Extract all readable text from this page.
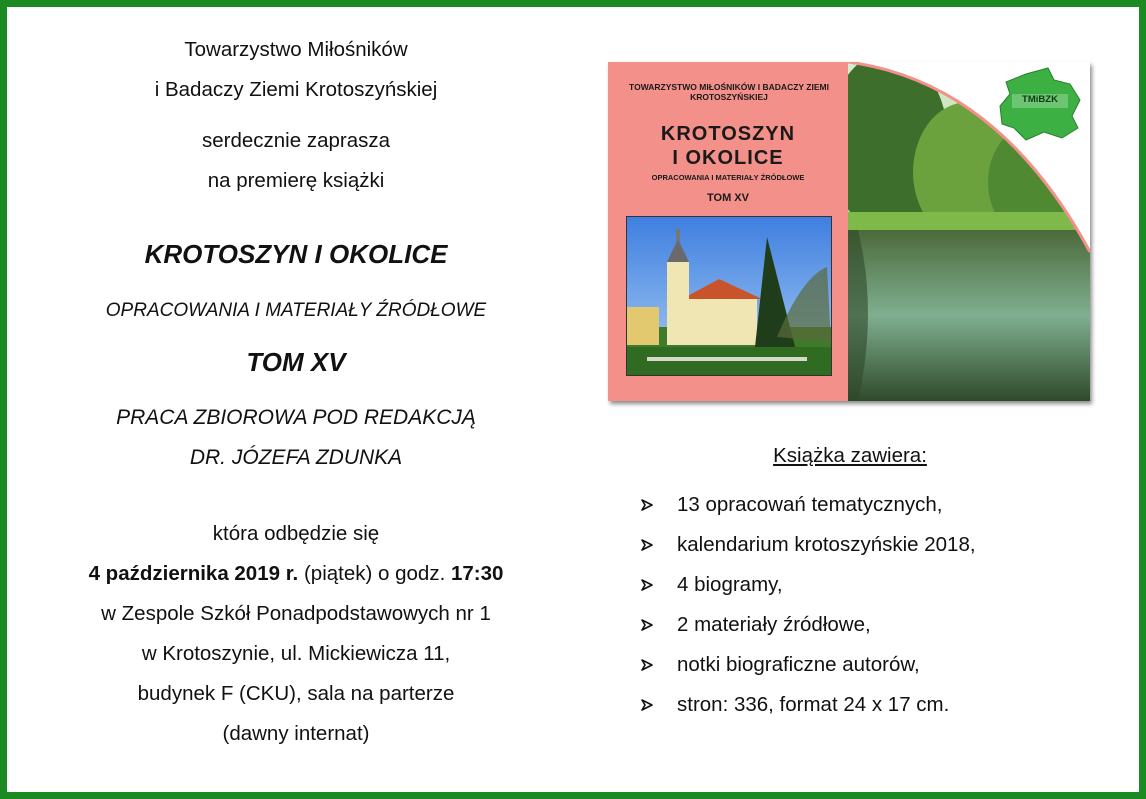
Towarzystwo Miłośników
i Badaczy Ziemi Krotoszyńskiej
serdecznie zaprasza
na premierę książki
KROTOSZYN I OKOLICE
OPRACOWANIA I MATERIAŁY ŹRÓDŁOWE
TOM XV
PRACA ZBIOROWA POD REDAKCJĄ
DR. JÓZEFA ZDUNKA
która odbędzie się
4 października 2019 r. (piątek) o godz. 17:30
w Zespole Szkół Ponadpodstawowych nr 1
w Krotoszynie, ul. Mickiewicza 11,
budynek F (CKU), sala na parterze
(dawny internat)
TOWARZYSTWO MIŁOŚNIKÓW I BADACZY ZIEMI KROTOSZYŃSKIEJ
KROTOSZYN
I OKOLICE
OPRACOWANIA I MATERIAŁY ŹRÓDŁOWE
TOM XV
TMiBZK
Książka zawiera:
13 opracowań tematycznych,
kalendarium krotoszyńskie 2018,
4 biogramy,
2 materiały źródłowe,
notki biograficzne autorów,
stron: 336, format 24 x 17 cm.
